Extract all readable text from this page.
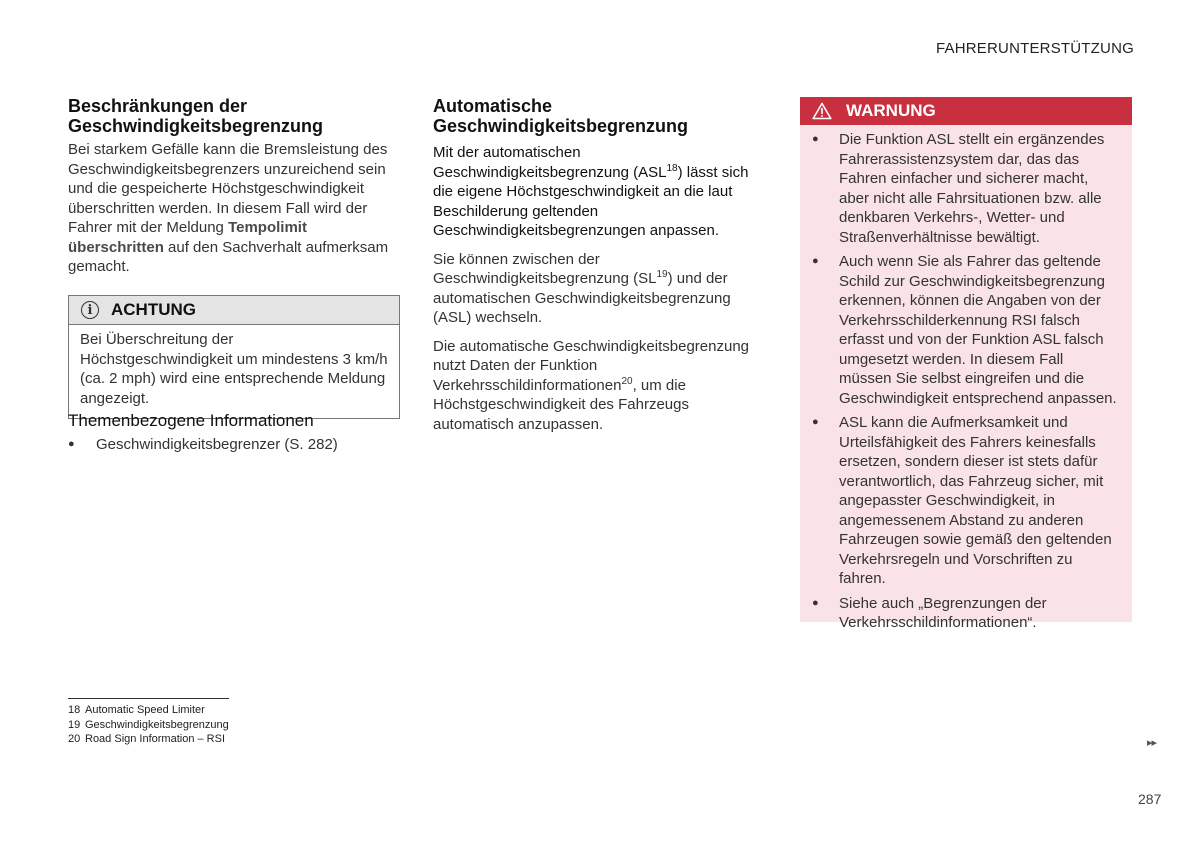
FAHRERUNTERSTÜTZUNG
Beschränkungen der
Geschwindigkeitsbegrenzung

Bei starkem Gefälle kann die Bremsleistung des Geschwindigkeitsbegrenzers unzureichend sein und die gespeicherte Höchstgeschwindigkeit überschritten werden. In diesem Fall wird der Fahrer mit der Meldung Tempolimit überschritten auf den Sachverhalt aufmerksam gemacht.

i	ACHTUNG

Bei Überschreitung der Höchstgeschwindigkeit um mindestens 3 km/h (ca. 2 mph) wird eine entsprechende Meldung angezeigt.

Themenbezogene Informationen
●	Geschwindigkeitsbegrenzer (S. 282)
Automatische
Geschwindigkeitsbegrenzung

Mit der automatischen Geschwindigkeitsbegrenzung (ASL$^{18}$) lässt sich die eigene Höchstgeschwindigkeit an die laut Beschilderung geltenden Geschwindigkeitsbegrenzungen anpassen.

Sie können zwischen der Geschwindigkeitsbegrenzung (SL$^{19}$) und der automatischen Geschwindigkeitsbegrenzung (ASL) wechseln.

Die automatische Geschwindigkeitsbegrenzung nutzt Daten der Funktion Verkehrsschildinformationen$^{20}$, um die Höchstgeschwindigkeit des Fahrzeugs automatisch anzupassen.

WARNUNG
●	Die Funktion ASL stellt ein ergänzendes Fahrerassistenzsystem dar, das das Fahren einfacher und sicherer macht, aber nicht alle Fahrsituationen bzw. alle denkbaren Verkehrs-, Wetter- und Straßenverhältnisse bewältigt.
●	Auch wenn Sie als Fahrer das geltende Schild zur Geschwindigkeitsbegrenzung erkennen, können die Angaben von der Verkehrsschilderkennung RSI falsch erfasst und von der Funktion ASL falsch umgesetzt werden. In diesem Fall müssen Sie selbst eingreifen und die Geschwindigkeit entsprechend anpassen.
●	ASL kann die Aufmerksamkeit und Urteilsfähigkeit des Fahrers keinesfalls ersetzen, sondern dieser ist stets dafür verantwortlich, das Fahrzeug sicher, mit angepasster Geschwindigkeit, in angemessenem Abstand zu anderen Fahrzeugen sowie gemäß den geltenden Verkehrsregeln und Vorschriften zu fahren.
●	Siehe auch „Begrenzungen der Verkehrsschildinformationen“.
18 Automatic Speed Limiter
19 Geschwindigkeitsbegrenzung
20 Road Sign Information – RSI	▸▸
287
